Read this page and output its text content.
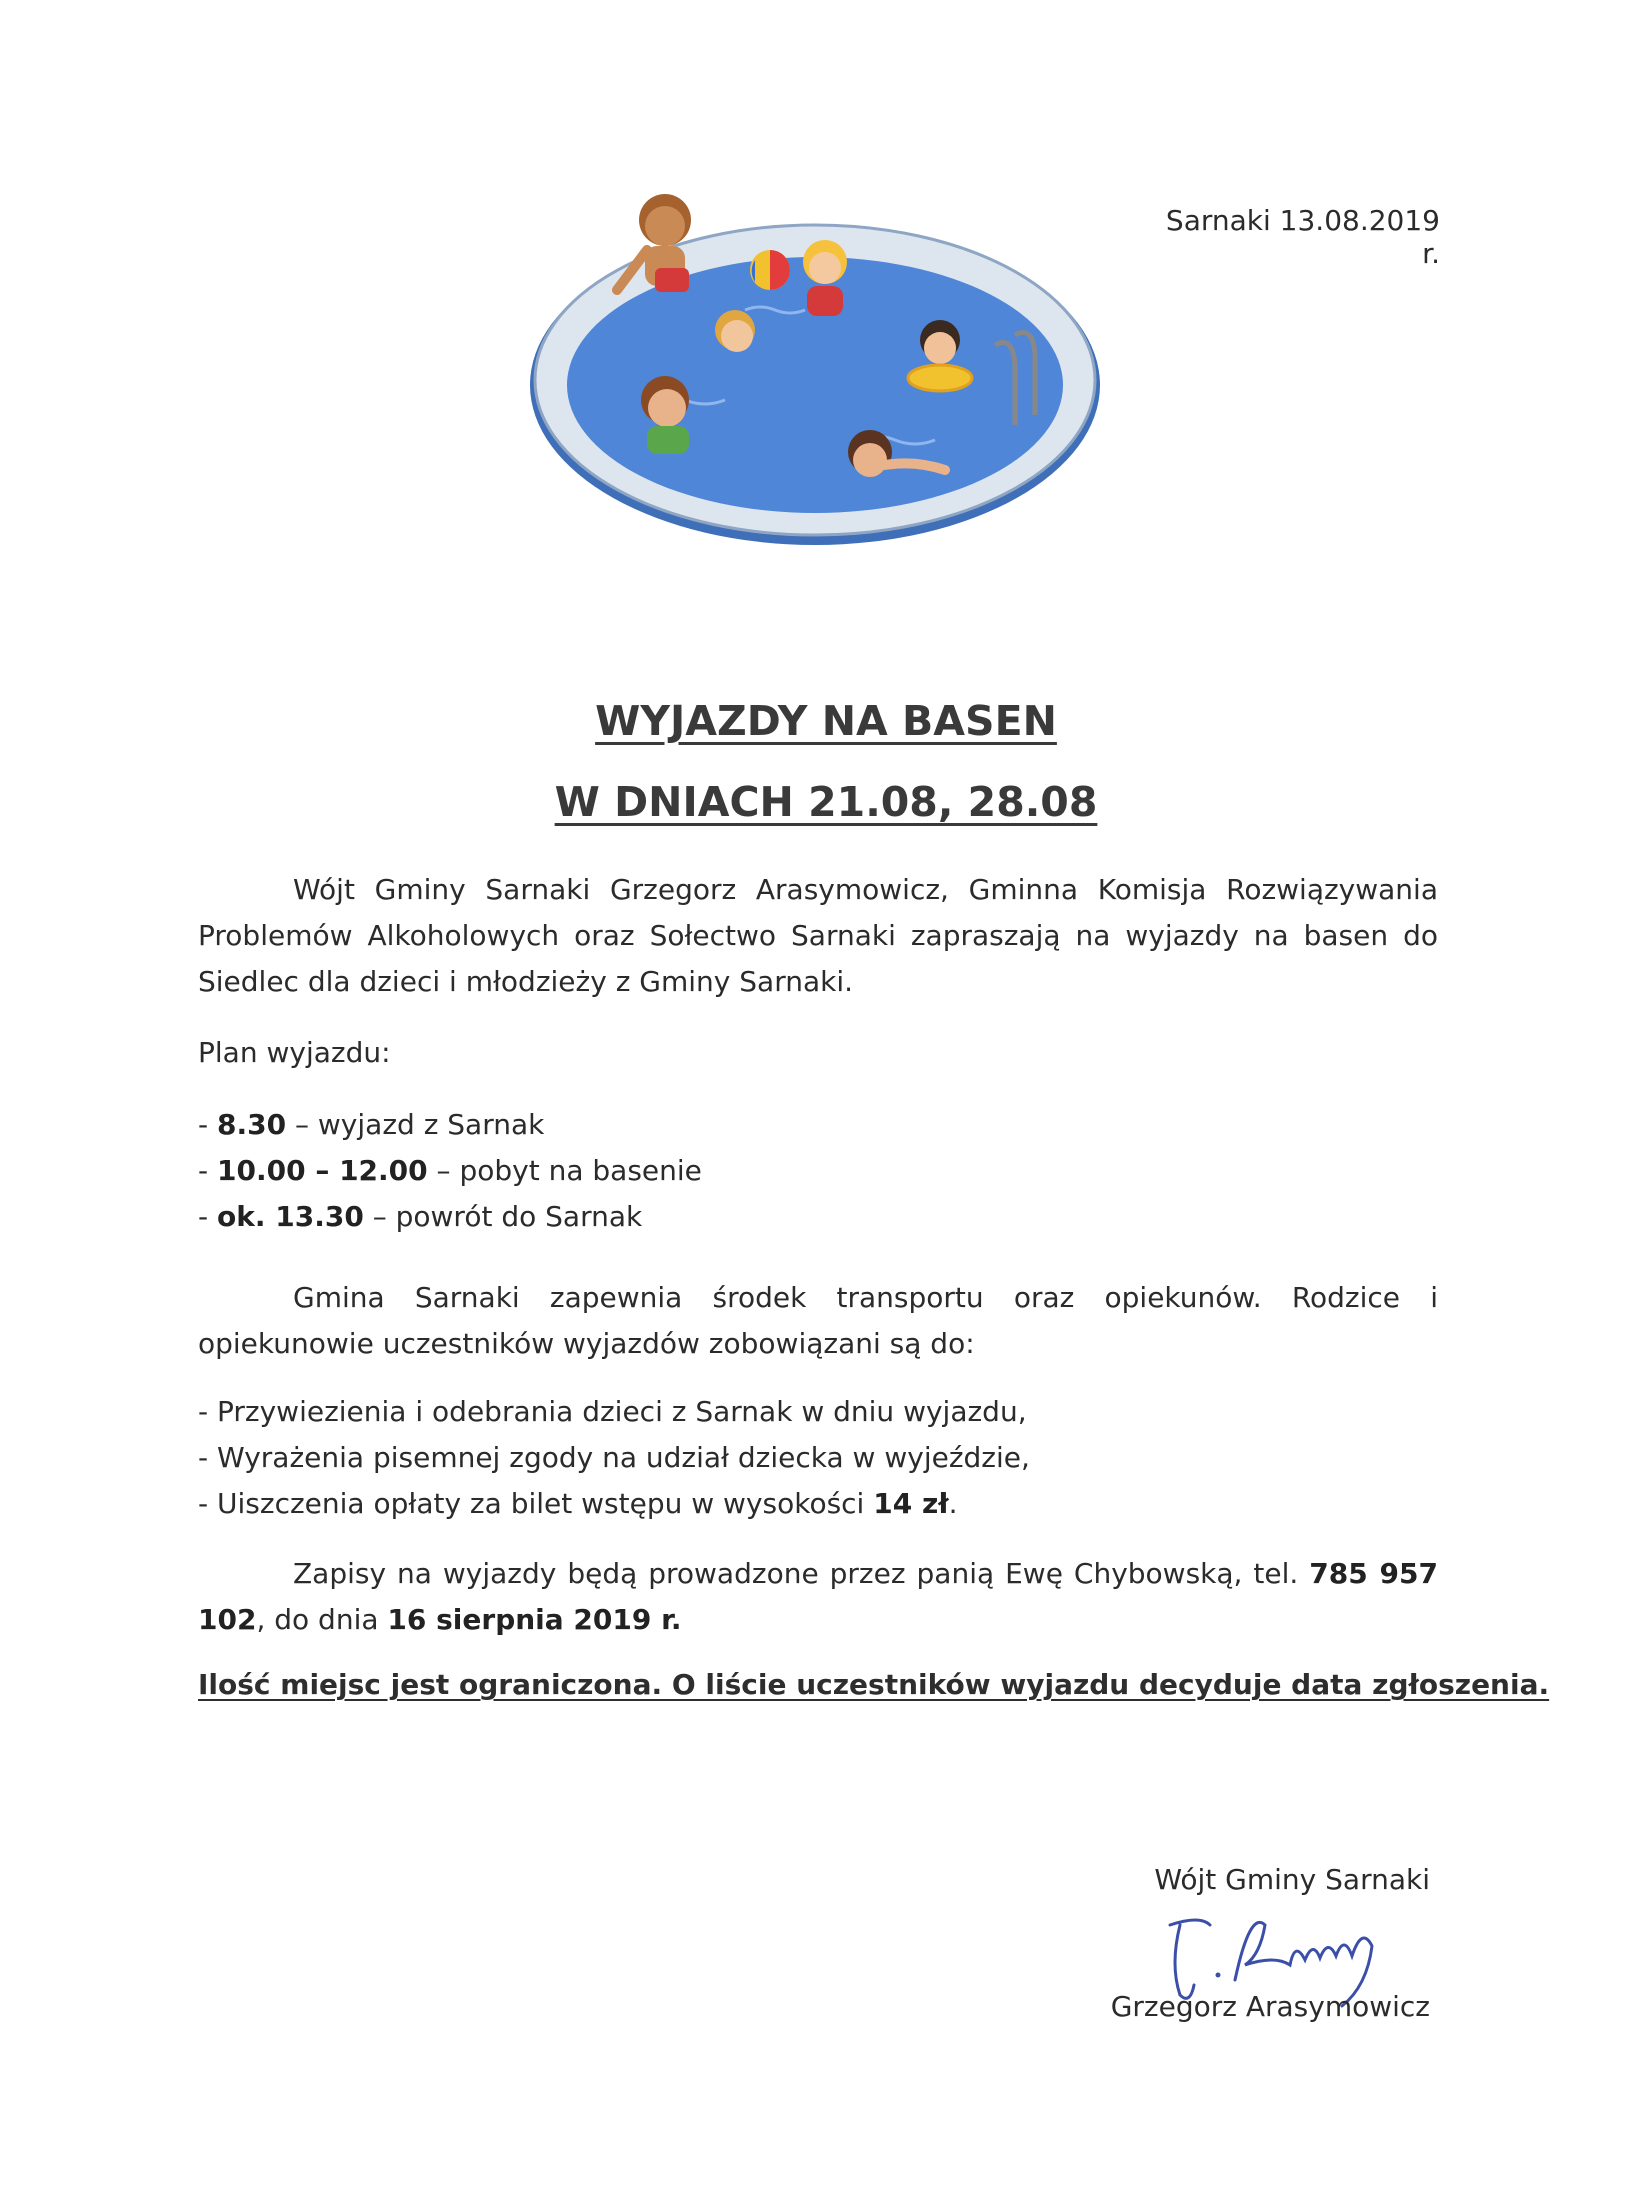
Sarnaki 13.08.2019 r.
WYJAZDY NA BASEN
W DNIACH 21.08, 28.08
Wójt Gminy Sarnaki Grzegorz Arasymowicz, Gminna Komisja Rozwiązywania Problemów Alkoholowych oraz Sołectwo Sarnaki zapraszają na wyjazdy na basen do Siedlec dla dzieci i młodzieży z Gminy Sarnaki.
Plan wyjazdu:
- 8.30 – wyjazd z Sarnak
- 10.00 – 12.00 – pobyt na basenie
- ok. 13.30 – powrót do Sarnak
Gmina Sarnaki zapewnia środek transportu oraz opiekunów. Rodzice i opiekunowie uczestników wyjazdów zobowiązani są do:
- Przywiezienia i odebrania dzieci z Sarnak w dniu wyjazdu,
- Wyrażenia pisemnej zgody na udział dziecka w wyjeździe,
- Uiszczenia opłaty za bilet wstępu w wysokości 14 zł.
Zapisy na wyjazdy będą prowadzone przez panią Ewę Chybowską, tel. 785 957 102, do dnia 16 sierpnia 2019 r.
Ilość miejsc jest ograniczona. O liście uczestników wyjazdu decyduje data zgłoszenia.
Wójt Gminy Sarnaki
Grzegorz Arasymowicz
